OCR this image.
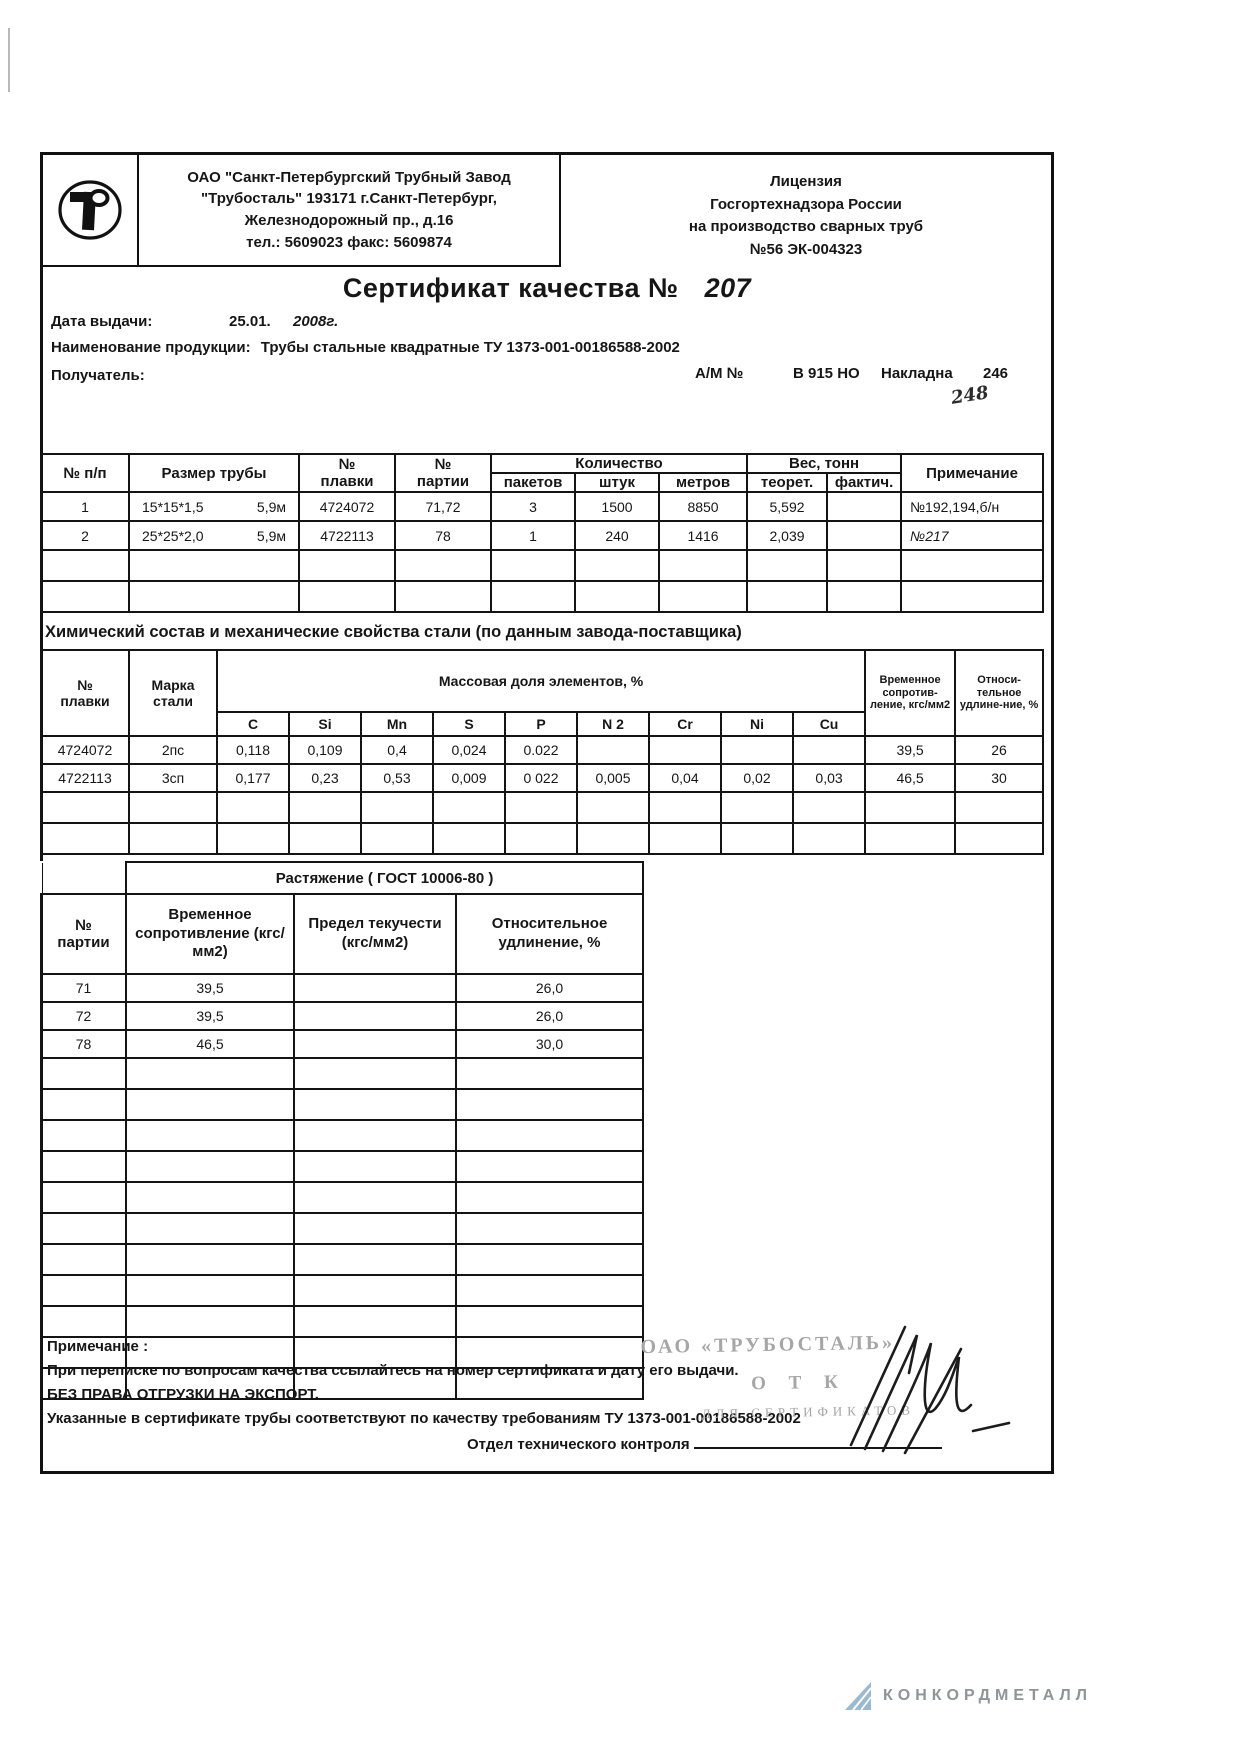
ОАО "Санкт-Петербургский Трубный Завод
"Трубосталь" 193171 г.Санкт-Петербург,
Железнодорожный пр., д.16
тел.: 5609023 факс: 5609874
Лицензия
Госгортехнадзора России
на производство сварных труб
№56 ЭК-004323
Сертификат качества № 207
Дата выдачи:	25.01.	2008г.
Наименование продукции: Трубы стальные квадратные ТУ 1373-001-00186588-2002
Получатель:	А/М №	В 915 НО Накладна 246
248
№ п/п	Размер трубы	№
плавки

№
партии
	Количество	Вес, тонн	Примечание
				пакетов	штук	метров	теорет.	фактич.	
1	15*15*1,5 5,9м	4724072	71,72	3	1500	8850	5,592		№192,194,б/н
2	25*25*2,0 5,9м	4722113	78	1	240	1416	2,039		№217

Химический состав и механические свойства стали (по данным завода-поставщика)
№
плавки

Марка
стали
	Массовая доля элементов, %	Временное сопротив-ление, кгс/мм2	Относи-тельное удлине-ние, %
		C	Si	Mn	S	P	N 2	Cr	Ni	Cu		
4724072	2пс	0,118	0,109	0,4	0,024	0.022					39,5	26
4722113	3сп	0,177	0,23	0,53	0,009	0 022	0,005	0,04	0,02	0,03	46,5	30

	Растяжение ( ГОСТ 10006-80 )		

№
партии	Временное сопротивление (кгс/мм2)	Предел текучести (кгс/мм2)	Относительное удлинение, %
71	39,5		26,0
72	39,5		26,0
78	46,5		30,0

Примечание :
При переписке по вопросам качества ссылайтесь на номер сертификата и дату его выдачи.
БЕЗ ПРАВА ОТГРУЗКИ НА ЭКСПОРТ.
Указанные в сертификате трубы соответствуют по качеству требованиям ТУ 1373-001-00186588-2002
Отдел технического контроля
ОАО «ТРУБОСТАЛЬ»
О Т К
ДЛЯ СЕРТИФИКАТОВ
КОНКОРДМЕТАЛЛ
